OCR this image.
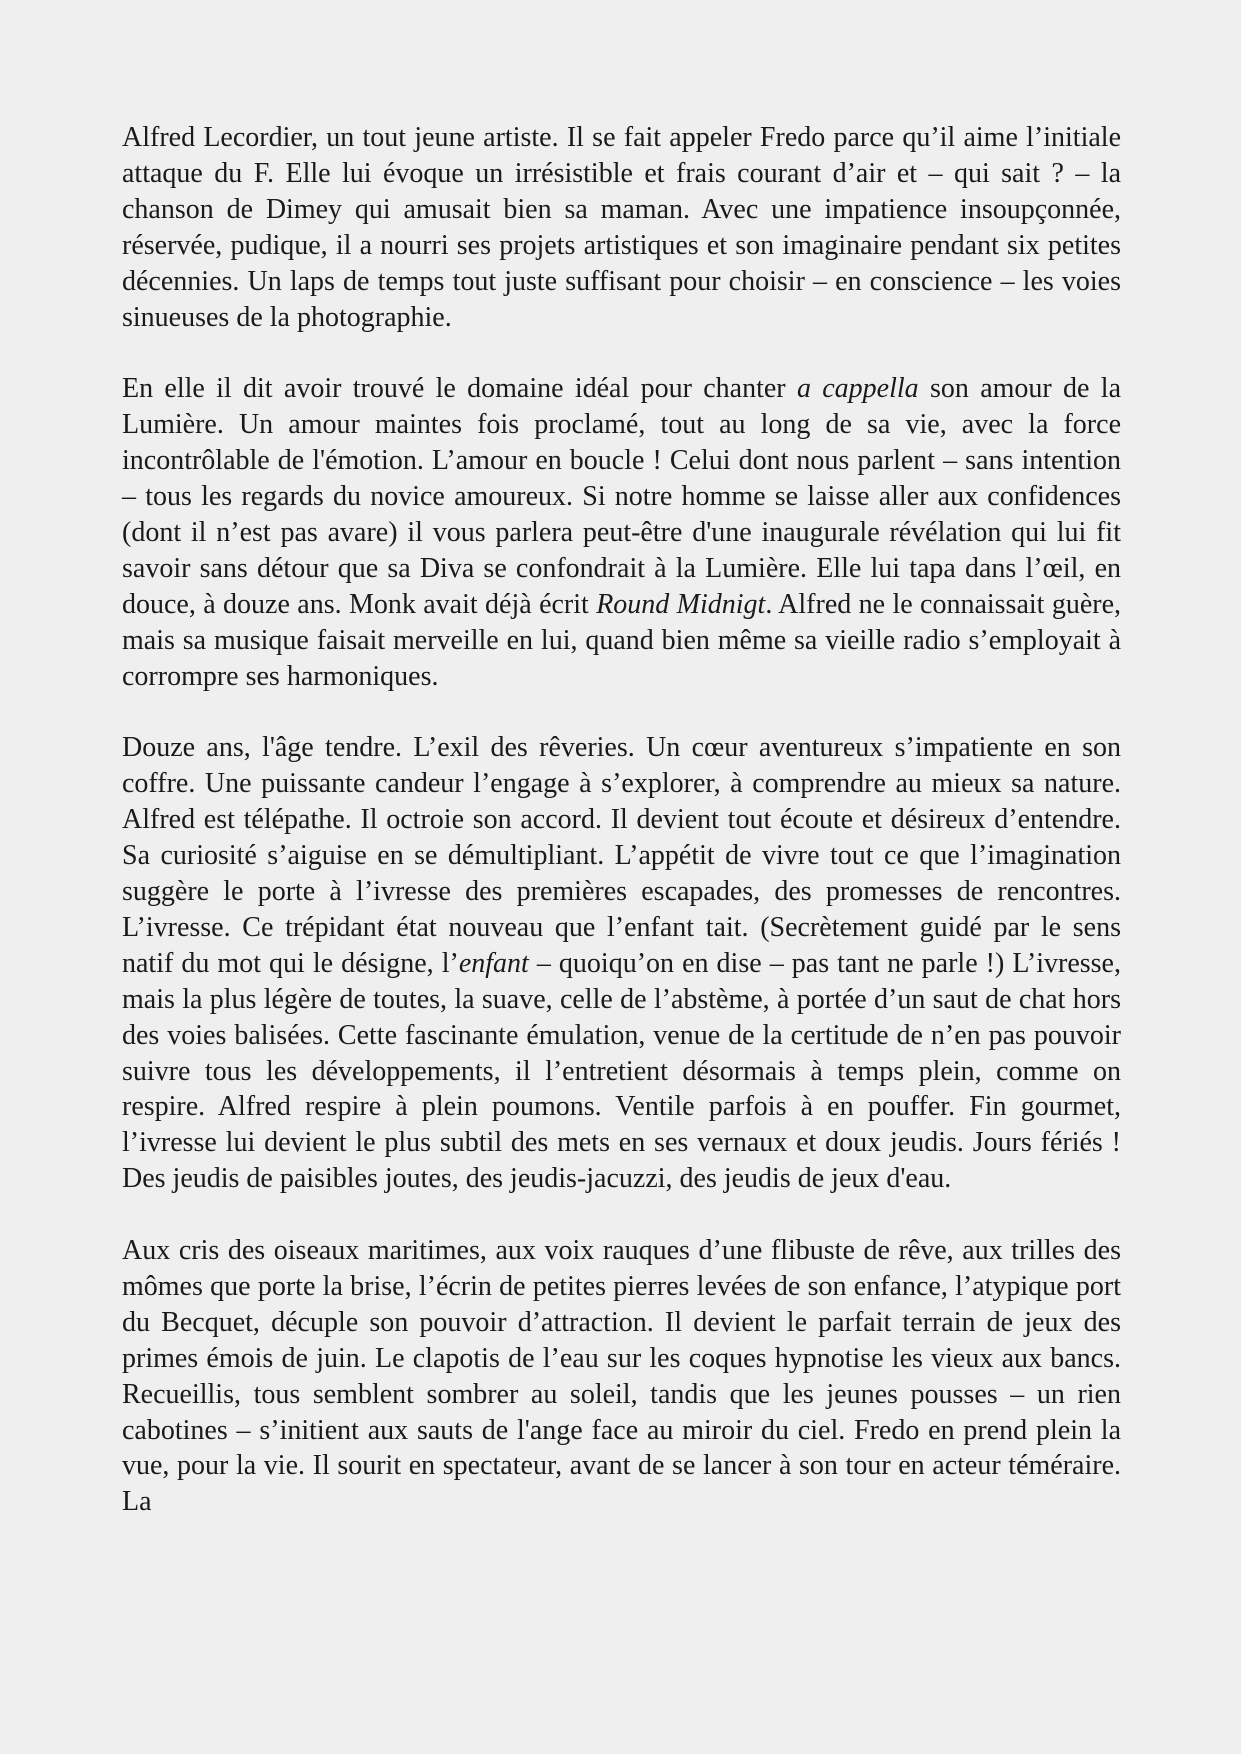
Alfred Lecordier, un tout jeune artiste. Il se fait appeler Fredo parce qu’il aime l’initiale attaque du F. Elle lui évoque un irrésistible et frais courant d’air et – qui sait ? – la chanson de Dimey qui amusait bien sa maman. Avec une impatience insoupçonnée, réservée, pudique, il a nourri ses projets artistiques et son imaginaire pendant six petites décennies. Un laps de temps tout juste suffisant pour choisir – en conscience – les voies sinueuses de la photographie.

En elle il dit avoir trouvé le domaine idéal pour chanter a cappella son amour de la Lumière. Un amour maintes fois proclamé, tout au long de sa vie, avec la force incontrôlable de l'émotion. L’amour en boucle ! Celui dont nous parlent – sans intention – tous les regards du novice amoureux. Si notre homme se laisse aller aux confidences (dont il n’est pas avare) il vous parlera peut-être d'une inaugurale révélation qui lui fit savoir sans détour que sa Diva se confondrait à la Lumière. Elle lui tapa dans l’œil, en douce, à douze ans. Monk avait déjà écrit Round Midnigt. Alfred ne le connaissait guère, mais sa musique faisait merveille en lui, quand bien même sa vieille radio s’employait à corrompre ses harmoniques.

Douze ans, l'âge tendre. L’exil des rêveries. Un cœur aventureux s’impatiente en son coffre. Une puissante candeur l’engage à s’explorer, à comprendre au mieux sa nature. Alfred est télépathe. Il octroie son accord. Il devient tout écoute et désireux d’entendre. Sa curiosité s’aiguise en se démultipliant. L’appétit de vivre tout ce que l’imagination suggère le porte à l’ivresse des premières escapades, des promesses de rencontres. L’ivresse. Ce trépidant état nouveau que l’enfant tait. (Secrètement guidé par le sens natif du mot qui le désigne, l’enfant – quoiqu’on en dise – pas tant ne parle !) L’ivresse, mais la plus légère de toutes, la suave, celle de l’abstème, à portée d’un saut de chat hors des voies balisées. Cette fascinante émulation, venue de la certitude de n’en pas pouvoir suivre tous les développements, il l’entretient désormais à temps plein, comme on respire. Alfred respire à plein poumons. Ventile parfois à en pouffer. Fin gourmet, l’ivresse lui devient le plus subtil des mets en ses vernaux et doux jeudis. Jours fériés ! Des jeudis de paisibles joutes, des jeudis-jacuzzi, des jeudis de jeux d'eau.

Aux cris des oiseaux maritimes, aux voix rauques d’une flibuste de rêve, aux trilles des mômes que porte la brise, l’écrin de petites pierres levées de son enfance, l’atypique port du Becquet, décuple son pouvoir d’attraction. Il devient le parfait terrain de jeux des primes émois de juin. Le clapotis de l’eau sur les coques hypnotise les vieux aux bancs. Recueillis, tous semblent sombrer au soleil, tandis que les jeunes pousses – un rien cabotines – s’initient aux sauts de l'ange face au miroir du ciel. Fredo en prend plein la vue, pour la vie. Il sourit en spectateur, avant de se lancer à son tour en acteur téméraire. La
